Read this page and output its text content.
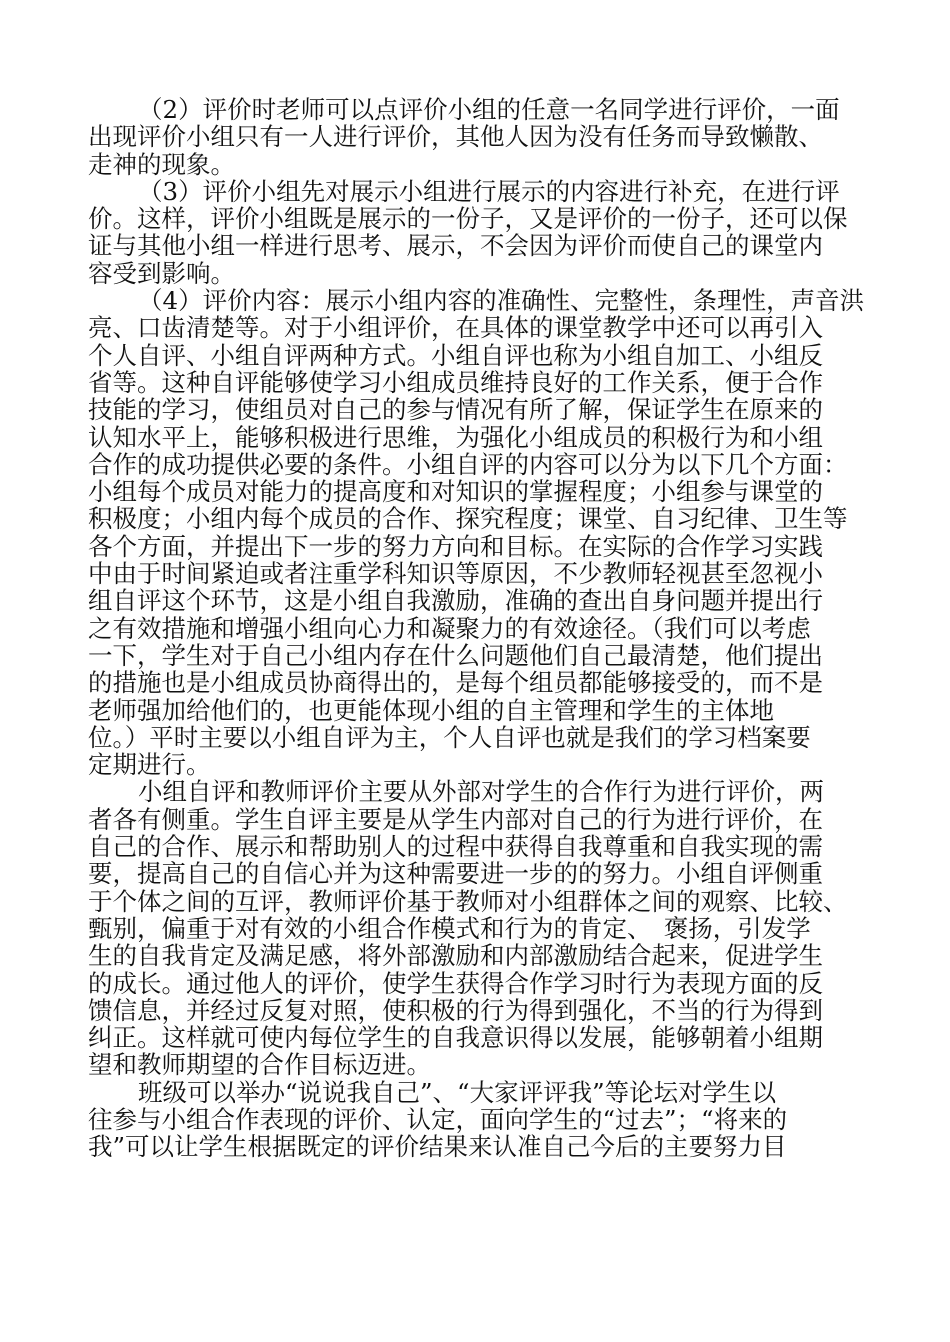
（2）评价时老师可以点评价小组的任意一名同学进行评价，一面
出现评价小组只有一人进行评价，其他人因为没有任务而导致懒散、
走神的现象。
（3）评价小组先对展示小组进行展示的内容进行补充，在进行评
价。这样，评价小组既是展示的一份子，又是评价的一份子，还可以保
证与其他小组一样进行思考、展示，不会因为评价而使自己的课堂内
容受到影响。
（4）评价内容：展示小组内容的准确性、完整性，条理性，声音洪
亮、口齿清楚等。对于小组评价，在具体的课堂教学中还可以再引入
个人自评、小组自评两种方式。小组自评也称为小组自加工、小组反
省等。这种自评能够使学习小组成员维持良好的工作关系，便于合作
技能的学习，使组员对自己的参与情况有所了解，保证学生在原来的
认知水平上，能够积极进行思维，为强化小组成员的积极行为和小组
合作的成功提供必要的条件。小组自评的内容可以分为以下几个方面：
小组每个成员对能力的提高度和对知识的掌握程度；小组参与课堂的
积极度；小组内每个成员的合作、探究程度；课堂、自习纪律、卫生等
各个方面，并提出下一步的努力方向和目标。在实际的合作学习实践
中由于时间紧迫或者注重学科知识等原因，不少教师轻视甚至忽视小
组自评这个环节，这是小组自我激励，准确的查出自身问题并提出行
之有效措施和增强小组向心力和凝聚力的有效途径。（我们可以考虑
一下，学生对于自己小组内存在什么问题他们自己最清楚，他们提出
的措施也是小组成员协商得出的，是每个组员都能够接受的，而不是
老师强加给他们的，也更能体现小组的自主管理和学生的主体地
位。）平时主要以小组自评为主，个人自评也就是我们的学习档案要
定期进行。
小组自评和教师评价主要从外部对学生的合作行为进行评价，两
者各有侧重。学生自评主要是从学生内部对自己的行为进行评价，在
自己的合作、展示和帮助别人的过程中获得自我尊重和自我实现的需
要，提高自己的自信心并为这种需要进一步的的努力。小组自评侧重
于个体之间的互评，教师评价基于教师对小组群体之间的观察、比较、
甄别，偏重于对有效的小组合作模式和行为的肯定、　褒扬，引发学
生的自我肯定及满足感，将外部激励和内部激励结合起来，促进学生
的成长。通过他人的评价，使学生获得合作学习时行为表现方面的反
馈信息，并经过反复对照，使积极的行为得到强化，不当的行为得到
纠正。这样就可使内每位学生的自我意识得以发展，能够朝着小组期
望和教师期望的合作目标迈进。
班级可以举办“说说我自己”、“大家评评我”等论坛对学生以
往参与小组合作表现的评价、认定，面向学生的“过去”；“将来的
我”可以让学生根据既定的评价结果来认准自己今后的主要努力目
